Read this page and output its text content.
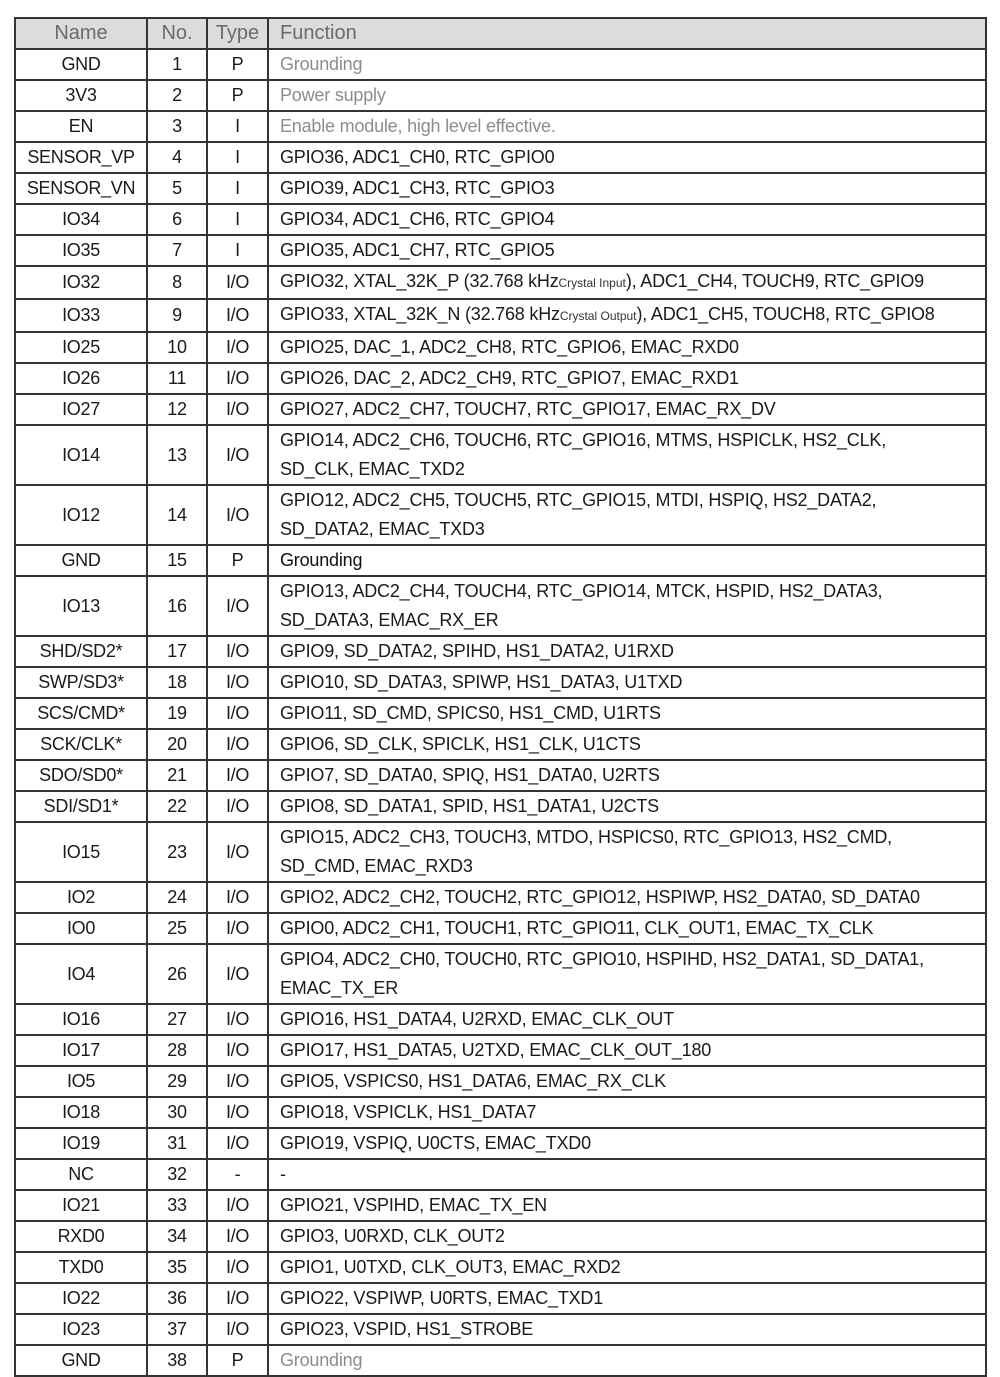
Name	No.	Type	Function
GND	1	P	Grounding
3V3	2	P	Power supply
EN	3	I	Enable module, high level effective.
SENSOR_VP	4	I	GPIO36, ADC1_CH0, RTC_GPIO0
SENSOR_VN	5	I	GPIO39, ADC1_CH3, RTC_GPIO3
IO34	6	I	GPIO34, ADC1_CH6, RTC_GPIO4
IO35	7	I	GPIO35, ADC1_CH7, RTC_GPIO5
IO32	8	I/O	GPIO32, XTAL_32K_P (32.768 kHzCrystal Input), ADC1_CH4, TOUCH9, RTC_GPIO9
IO33	9	I/O	GPIO33, XTAL_32K_N (32.768 kHzCrystal Output), ADC1_CH5, TOUCH8, RTC_GPIO8
IO25	10	I/O	GPIO25, DAC_1, ADC2_CH8, RTC_GPIO6, EMAC_RXD0
IO26	11	I/O	GPIO26, DAC_2, ADC2_CH9, RTC_GPIO7, EMAC_RXD1
IO27	12	I/O	GPIO27, ADC2_CH7, TOUCH7, RTC_GPIO17, EMAC_RX_DV
IO14	13	I/O	GPIO14, ADC2_CH6, TOUCH6, RTC_GPIO16, MTMS, HSPICLK, HS2_CLK,
SD_CLK, EMAC_TXD2

IO12	14	I/O	GPIO12, ADC2_CH5, TOUCH5, RTC_GPIO15, MTDI, HSPIQ, HS2_DATA2,
SD_DATA2, EMAC_TXD3

GND	15	P	Grounding
IO13	16	I/O	GPIO13, ADC2_CH4, TOUCH4, RTC_GPIO14, MTCK, HSPID, HS2_DATA3,
SD_DATA3, EMAC_RX_ER

SHD/SD2*	17	I/O	GPIO9, SD_DATA2, SPIHD, HS1_DATA2, U1RXD
SWP/SD3*	18	I/O	GPIO10, SD_DATA3, SPIWP, HS1_DATA3, U1TXD
SCS/CMD*	19	I/O	GPIO11, SD_CMD, SPICS0, HS1_CMD, U1RTS
SCK/CLK*	20	I/O	GPIO6, SD_CLK, SPICLK, HS1_CLK, U1CTS
SDO/SD0*	21	I/O	GPIO7, SD_DATA0, SPIQ, HS1_DATA0, U2RTS
SDI/SD1*	22	I/O	GPIO8, SD_DATA1, SPID, HS1_DATA1, U2CTS
IO15	23	I/O	GPIO15, ADC2_CH3, TOUCH3, MTDO, HSPICS0, RTC_GPIO13, HS2_CMD,
SD_CMD, EMAC_RXD3

IO2	24	I/O	GPIO2, ADC2_CH2, TOUCH2, RTC_GPIO12, HSPIWP, HS2_DATA0, SD_DATA0
IO0	25	I/O	GPIO0, ADC2_CH1, TOUCH1, RTC_GPIO11, CLK_OUT1, EMAC_TX_CLK
IO4	26	I/O	GPIO4, ADC2_CH0, TOUCH0, RTC_GPIO10, HSPIHD, HS2_DATA1, SD_DATA1,
EMAC_TX_ER

IO16	27	I/O	GPIO16, HS1_DATA4, U2RXD, EMAC_CLK_OUT
IO17	28	I/O	GPIO17, HS1_DATA5, U2TXD, EMAC_CLK_OUT_180
IO5	29	I/O	GPIO5, VSPICS0, HS1_DATA6, EMAC_RX_CLK
IO18	30	I/O	GPIO18, VSPICLK, HS1_DATA7
IO19	31	I/O	GPIO19, VSPIQ, U0CTS, EMAC_TXD0
NC	32	-	-
IO21	33	I/O	GPIO21, VSPIHD, EMAC_TX_EN
RXD0	34	I/O	GPIO3, U0RXD, CLK_OUT2
TXD0	35	I/O	GPIO1, U0TXD, CLK_OUT3, EMAC_RXD2
IO22	36	I/O	GPIO22, VSPIWP, U0RTS, EMAC_TXD1
IO23	37	I/O	GPIO23, VSPID, HS1_STROBE
GND	38	P	Grounding
